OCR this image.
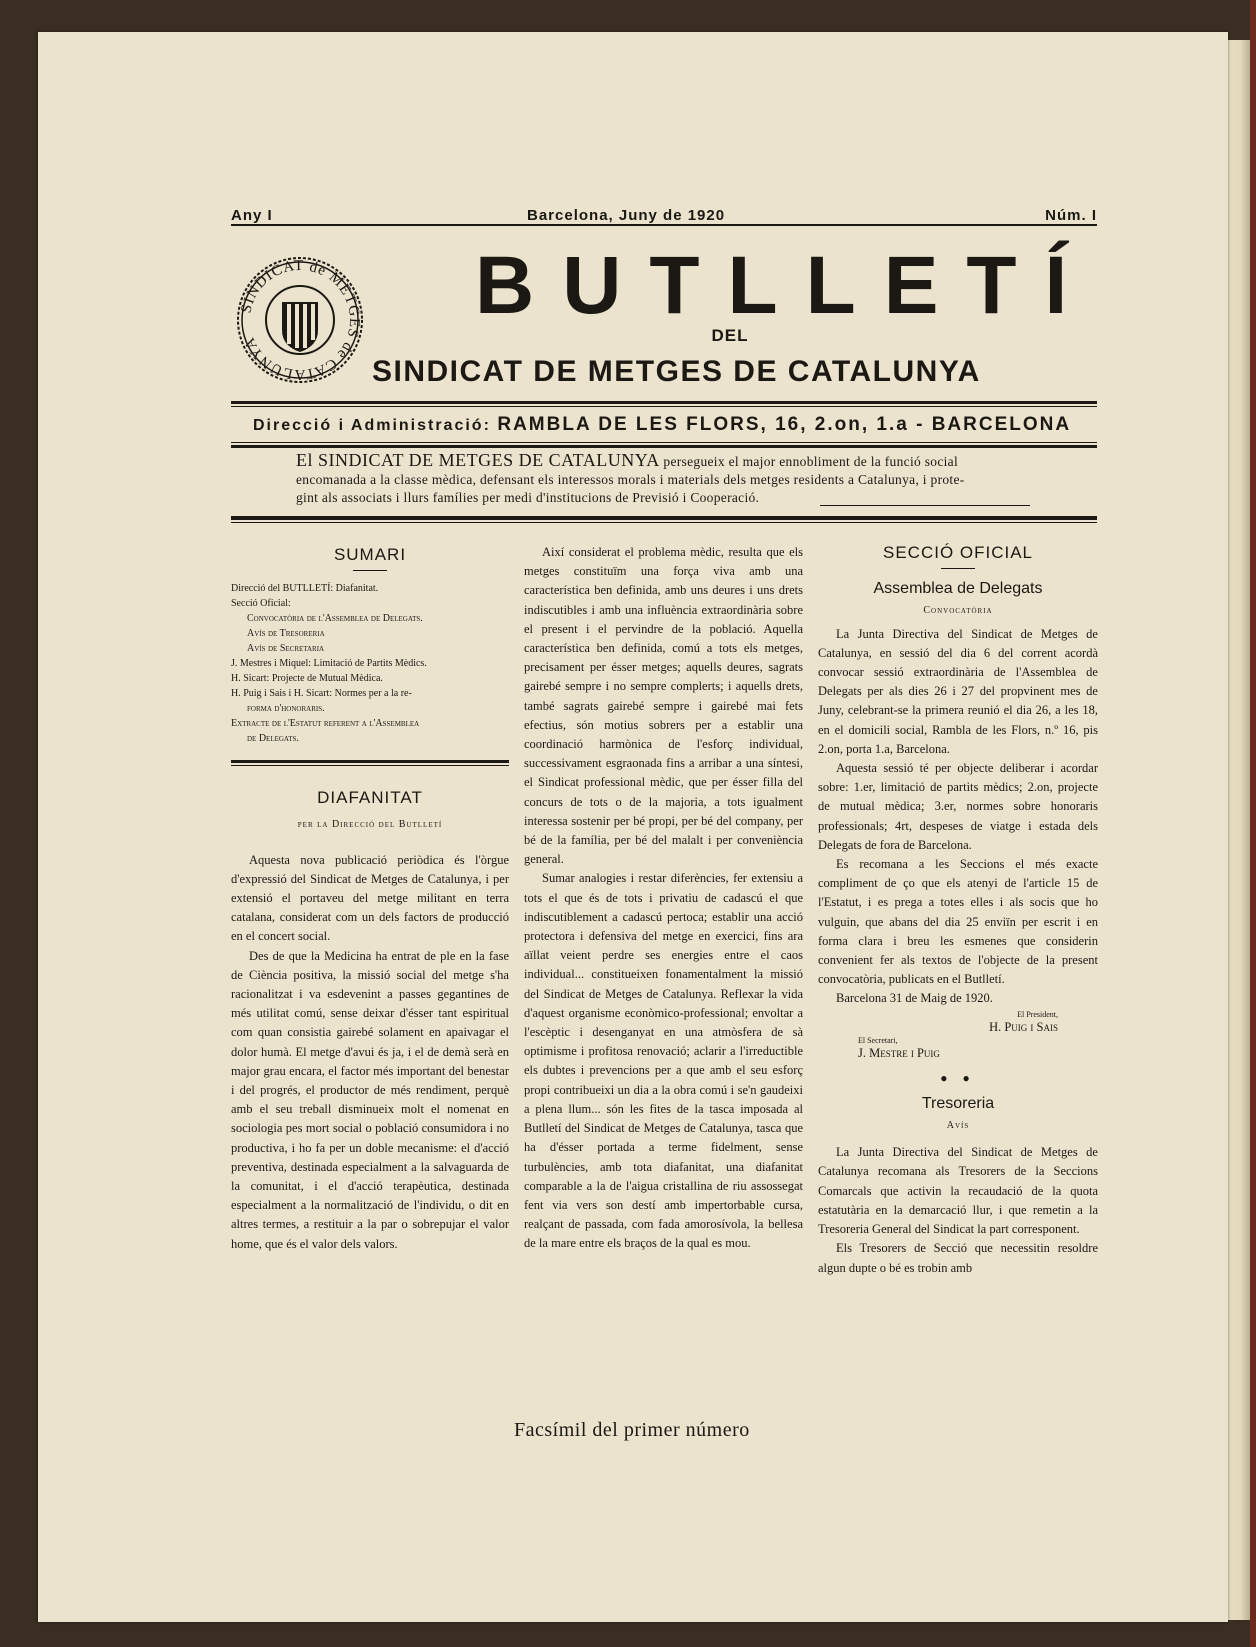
Any I	Barcelona, Juny de 1920	Núm. I
SINDICAT de METGES de CATALUNYA
BUTLLETÍ
DEL
SINDICAT DE METGES DE CATALUNYA
Direcció i Administració: RAMBLA DE LES FLORS, 16, 2.on, 1.a - BARCELONA
El SINDICAT DE METGES DE CATALUNYA persegueix el major ennobliment de la funció social
encomanada a la classe mèdica, defensant els interessos morals i materials dels metges residents a Catalunya, i prote-
gint als associats i llurs famílies per medi d'institucions de Previsió i Cooperació.
SUMARI

Direcció del BUTLLETÍ: Diafanitat.

Secció Oficial:

Convocatòria de l'Assemblea de Delegats.

Avís de Tresoreria

Avís de Secretaria

J. Mestres i Miquel: Limitació de Partits Mèdics.

H. Sicart: Projecte de Mutual Mèdica.

H. Puig i Sais i H. Sicart: Normes per a la re-

forma d'honoraris.

Extracte de l'Estatut referent a l'Assemblea

de Delegats.

DIAFANITAT
per la Direcció del Butlletí

Aquesta nova publicació periòdica és l'òrgue d'expressió del Sindicat de Metges de Catalunya, i per extensió el portaveu del metge militant en terra catalana, considerat com un dels factors de producció en el concert social.

Des de que la Medicina ha entrat de ple en la fase de Ciència positiva, la missió social del metge s'ha racionalitzat i va esdevenint a passes gegantines de més utilitat comú, sense deixar d'ésser tant espiritual com quan consistia gairebé solament en apaivagar el dolor humà. El metge d'avui és ja, i el de demà serà en major grau encara, el factor més important del benestar i del progrés, el productor de més rendiment, perquè amb el seu treball disminueix molt el nomenat en sociologia pes mort social o població consumidora i no productiva, i ho fa per un doble mecanisme: el d'acció preventiva, destinada especialment a la salvaguarda de la comunitat, i el d'acció terapèutica, destinada especialment a la normalització de l'individu, o dit en altres termes, a restituir a la par o sobrepujar el valor home, que és el valor dels valors.

Així considerat el problema mèdic, resulta que els metges constituïm una força viva amb una característica ben definida, amb uns deures i uns drets indiscutibles i amb una influència extraordinària sobre el present i el pervindre de la població. Aquella característica ben definida, comú a tots els metges, precisament per ésser metges; aquells deures, sagrats gairebé sempre i no sempre complerts; i aquells drets, també sagrats gairebé sempre i gairebé mai fets efectius, són motius sobrers per a establir una coordinació harmònica de l'esforç individual, successivament esgraonada fins a arribar a una síntesi, el Sindicat professional mèdic, que per ésser filla del concurs de tots o de la majoria, a tots igualment interessa sostenir per bé propi, per bé del company, per bé de la família, per bé del malalt i per conveniència general.

Sumar analogies i restar diferències, fer extensiu a tots el que és de tots i privatiu de cadascú el que indiscutiblement a cadascú pertoca; establir una acció protectora i defensiva del metge en exercici, fins ara aïllat veient perdre ses energies entre el caos individual... constitueixen fonamentalment la missió del Sindicat de Metges de Catalunya. Reflexar la vida d'aquest organisme econòmico-professional; envoltar a l'escèptic i desenganyat en una atmòsfera de sà optimisme i profitosa renovació; aclarir a l'irreductible els dubtes i prevencions per a que amb el seu esforç propi contribueixi un dia a la obra comú i se'n gaudeixi a plena llum... són les fites de la tasca imposada al Butlletí del Sindicat de Metges de Catalunya, tasca que ha d'ésser portada a terme fidelment, sense turbulències, amb tota diafanitat, una diafanitat comparable a la de l'aigua cristallina de riu assossegat fent via vers son destí amb impertorbable cursa, realçant de passada, com fada amorosívola, la bellesa de la mare entre els braços de la qual es mou.

SECCIÓ OFICIAL
Assemblea de Delegats
Convocatòria

La Junta Directiva del Sindicat de Metges de Catalunya, en sessió del dia 6 del corrent acordà convocar sessió extraordinària de l'Assemblea de Delegats per als dies 26 i 27 del propvinent mes de Juny, celebrant-se la primera reunió el dia 26, a les 18, en el domicili social, Rambla de les Flors, n.º 16, pis 2.on, porta 1.a, Barcelona.

Aquesta sessió té per objecte deliberar i acordar sobre: 1.er, limitació de partits mèdics; 2.on, projecte de mutual mèdica; 3.er, normes sobre honoraris professionals; 4rt, despeses de viatge i estada dels Delegats de fora de Barcelona.

Es recomana a les Seccions el més exacte compliment de ço que els atenyi de l'article 15 de l'Estatut, i es prega a totes elles i als socis que ho vulguin, que abans del dia 25 enviïn per escrit i en forma clara i breu les esmenes que considerin convenient fer als textos de l'objecte de la present convocatòria, publicats en el Butlletí.

Barcelona 31 de Maig de 1920.

El President,
H. Puig i Sais
El Secretari,
J. Mestre i Puig
● ●
Tresoreria
Avís

La Junta Directiva del Sindicat de Metges de Catalunya recomana als Tresorers de la Seccions Comarcals que activin la recaudació de la quota estatutària en la demarcació llur, i que remetin a la Tresoreria General del Sindicat la part corresponent.

Els Tresorers de Secció que necessitin resoldre algun dupte o bé es trobin amb

Facsímil del primer número
